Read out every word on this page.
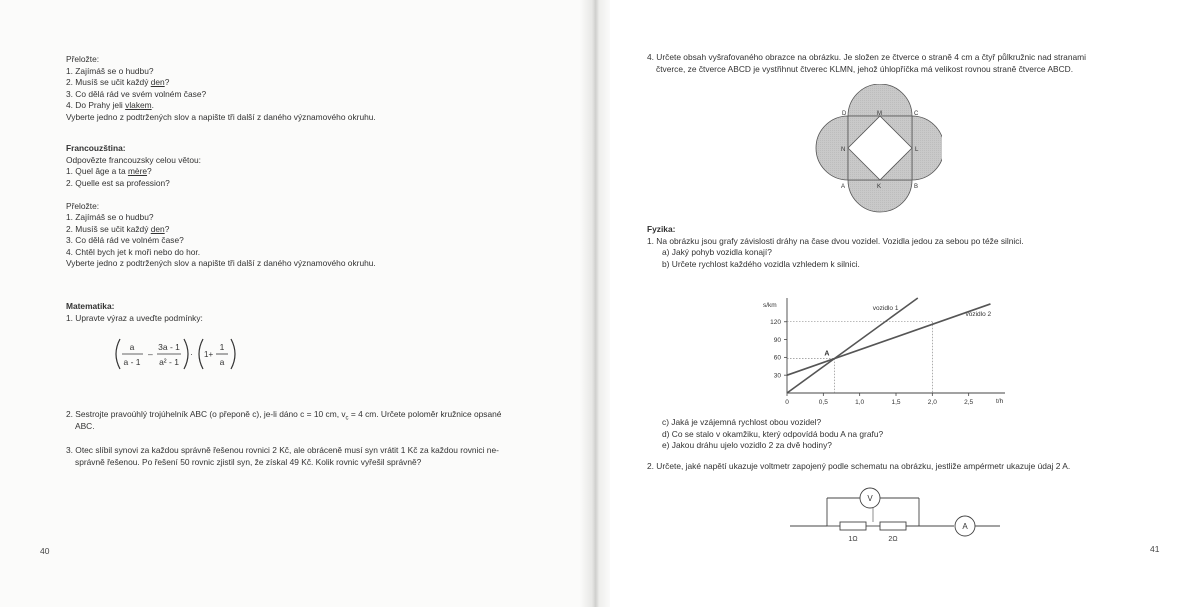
Přeložte:
1. Zajímáš se o hudbu?
2. Musíš se učit každý den?
3. Co dělá rád ve svém volném čase?
4. Do Prahy jeli vlakem.
Vyberte jedno z podtržených slov a napište tři další z daného významového okruhu.
Francouzština:
Odpovězte francouzsky celou větou:
1. Quel âge a ta mère?
2. Quelle est sa profession?
Přeložte:
1. Zajímáš se o hudbu?
2. Musíš se učit každý den?
3. Co dělá rád ve volném čase?
4. Chtěl bych jet k moři nebo do hor.
Vyberte jedno z podtržených slov a napište tři další z daného významového okruhu.
Matematika:
1. Upravte výraz a uveďte podmínky:
a
a - 1
–
3a - 1
a² - 1
· 1+
1
a
2. Sestrojte pravoúhlý trojúhelník ABC (o přeponě c), je-li dáno c = 10 cm, $v_c = 4$ cm. Určete poloměr kružnice opsané
ABC.
3. Otec slíbil synovi za každou správně řešenou rovnici 2 Kč, ale obráceně musí syn vrátit 1 Kč za každou rovnici ne-
správně řešenou. Po řešení 50 rovnic zjistil syn, že získal 49 Kč. Kolik rovnic vyřešil správně?
40
4. Určete obsah vyšrafovaného obrazce na obrázku. Je složen ze čtverce o straně 4 cm a čtyř půlkružnic nad stranami
čtverce, ze čtverce ABCD je vystřihnut čtverec KLMN, jehož úhlopříčka má velikost rovnou straně čtverce ABCD.
D	M	C
N	L
A	K	B
Fyzika:
1. Na obrázku jsou grafy závislosti dráhy na čase dvou vozidel. Vozidla jedou za sebou po téže silnici.
a) Jaký pohyb vozidla konají?
b) Určete rychlost každého vozidla vzhledem k silnici.
s/km
t/h
0	0,5	1,0	1,5	2,0	2,5
30
60
90
120
A
vozidlo 1
vozidlo 2
c) Jaká je vzájemná rychlost obou vozidel?
d) Co se stalo v okamžiku, který odpovídá bodu A na grafu?
e) Jakou dráhu ujelo vozidlo 2 za dvě hodiny?
2. Určete, jaké napětí ukazuje voltmetr zapojený podle schematu na obrázku, jestliže ampérmetr ukazuje údaj 2 A.
V
A
1Ω	2Ω
41
